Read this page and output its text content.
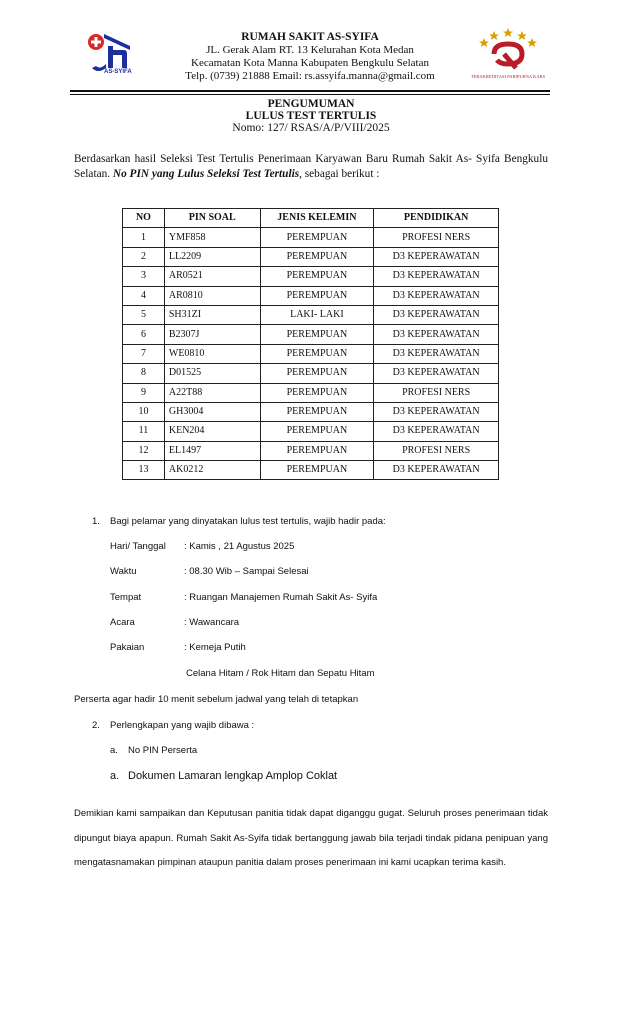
AS-SYIFA
TERAKREDITASI PARIPURNA KARS
RUMAH SAKIT AS-SYIFA
JL. Gerak Alam RT. 13 Kelurahan Kota Medan
Kecamatan Kota Manna Kabupaten Bengkulu Selatan
Telp. (0739) 21888 Email: rs.assyifa.manna@gmail.com
PENGUMUMAN
LULUS TEST TERTULIS
Nomo: 127/ RSAS/A/P/VIII/2025
Berdasarkan hasil Seleksi Test Tertulis Penerimaan Karyawan Baru Rumah Sakit As- Syifa Bengkulu Selatan. No PIN yang Lulus Seleksi Test Tertulis, sebagai berikut :
NO	PIN SOAL	JENIS KELEMIN	PENDIDIKAN
1	YMF858	PEREMPUAN	PROFESI NERS
2	LL2209	PEREMPUAN	D3 KEPERAWATAN
3	AR0521	PEREMPUAN	D3 KEPERAWATAN
4	AR0810	PEREMPUAN	D3 KEPERAWATAN
5	SH31ZI	LAKI- LAKI	D3 KEPERAWATAN
6	B2307J	PEREMPUAN	D3 KEPERAWATAN
7	WE0810	PEREMPUAN	D3 KEPERAWATAN
8	D01525	PEREMPUAN	D3 KEPERAWATAN
9	A22T88	PEREMPUAN	PROFESI NERS
10	GH3004	PEREMPUAN	D3 KEPERAWATAN
11	KEN204	PEREMPUAN	D3 KEPERAWATAN
12	EL1497	PEREMPUAN	PROFESI NERS
13	AK0212	PEREMPUAN	D3 KEPERAWATAN
1. Bagi pelamar yang dinyatakan lulus test tertulis, wajib hadir pada:
Hari/ Tanggal : Kamis , 21 Agustus 2025
Waktu	: 08.30 Wib – Sampai Selesai
Tempat	: Ruangan Manajemen Rumah Sakit As- Syifa
Acara	: Wawancara
Pakaian	: Kemeja Putih
Celana Hitam / Rok Hitam dan Sepatu Hitam
Perserta agar hadir 10 menit sebelum jadwal yang telah di tetapkan
2. Perlengkapan yang wajib dibawa :
a. No PIN Perserta
a. Dokumen Lamaran lengkap Amplop Coklat
Demikian kami sampaikan dan Keputusan panitia tidak dapat diganggu gugat. Seluruh proses penerimaan tidak dipungut biaya apapun. Rumah Sakit As-Syifa tidak bertanggung jawab bila terjadi tindak pidana penipuan yang mengatasnamakan pimpinan ataupun panitia dalam proses penerimaan ini kami ucapkan terima kasih.
